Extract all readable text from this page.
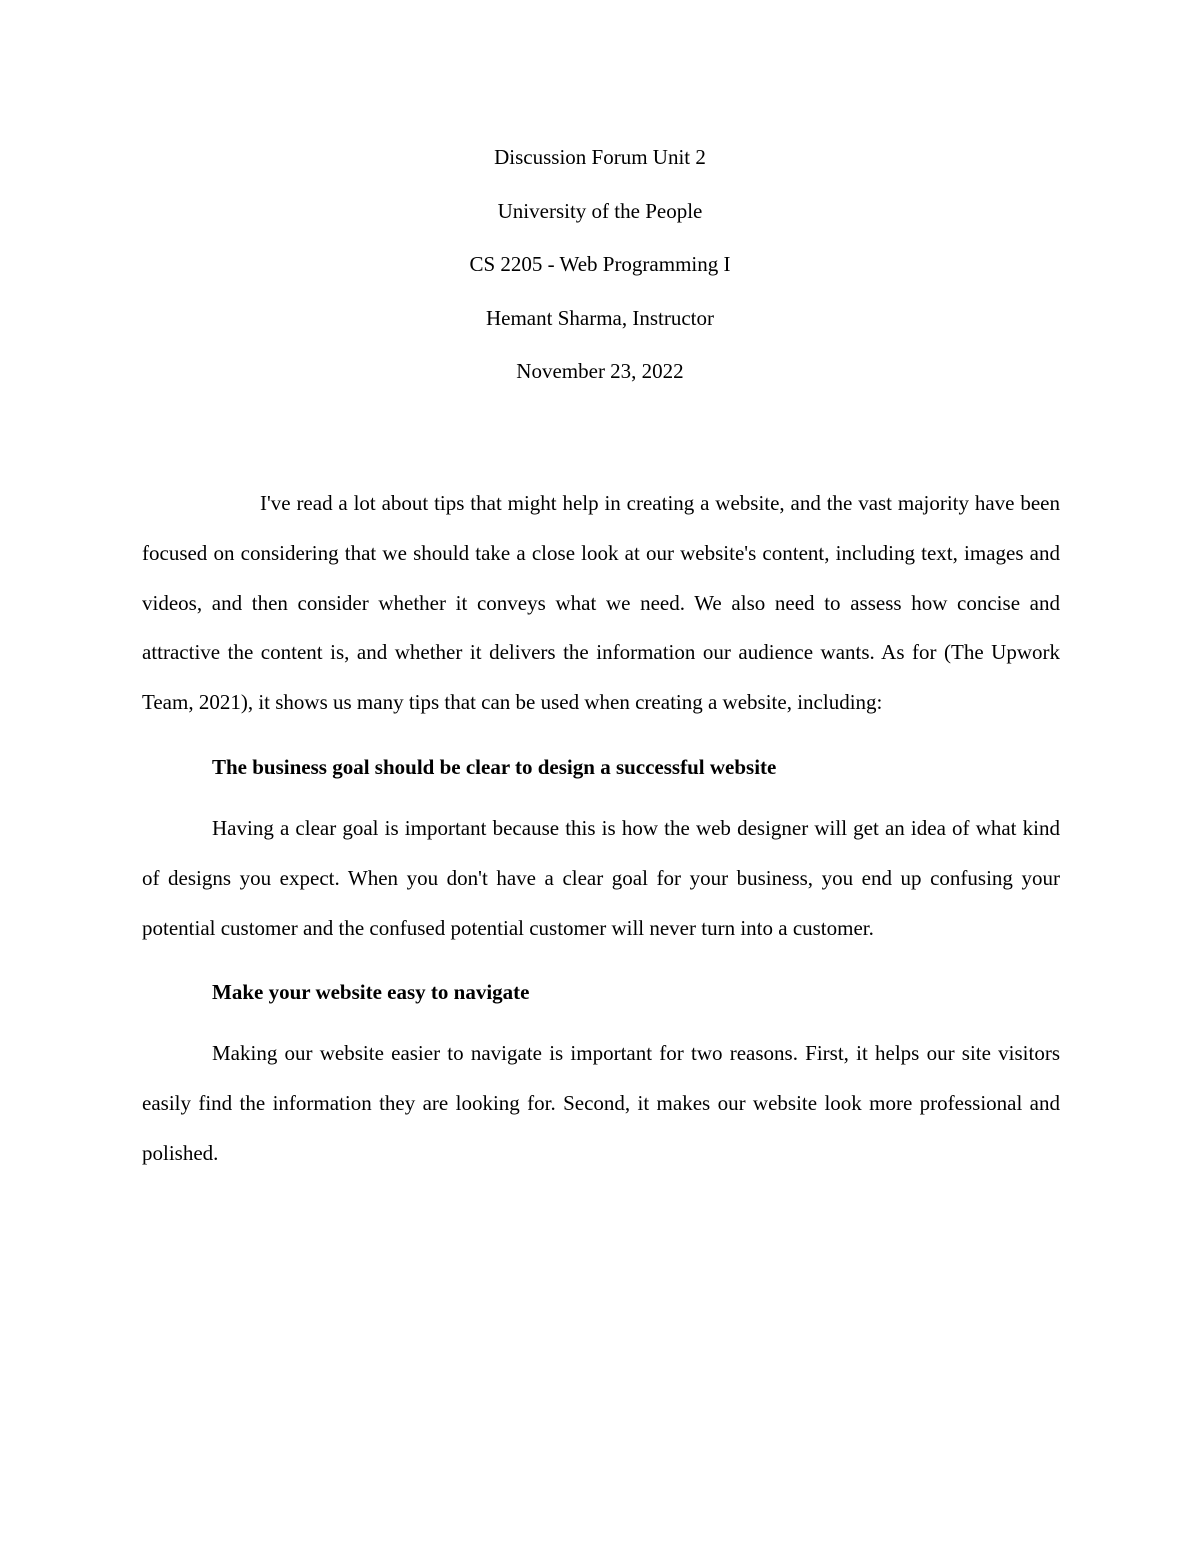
Discussion Forum Unit 2
University of the People
CS 2205 - Web Programming I
Hemant Sharma, Instructor
November 23, 2022

I've read a lot about tips that might help in creating a website, and the vast majority have been focused on considering that we should take a close look at our website's content, including text, images and videos, and then consider whether it conveys what we need. We also need to assess how concise and attractive the content is, and whether it delivers the information our audience wants. As for (The Upwork Team, 2021), it shows us many tips that can be used when creating a website, including:

The business goal should be clear to design a successful website

Having a clear goal is important because this is how the web designer will get an idea of what kind of designs you expect. When you don't have a clear goal for your business, you end up confusing your potential customer and the confused potential customer will never turn into a customer.

Make your website easy to navigate

Making our website easier to navigate is important for two reasons. First, it helps our site visitors easily find the information they are looking for. Second, it makes our website look more professional and polished.
